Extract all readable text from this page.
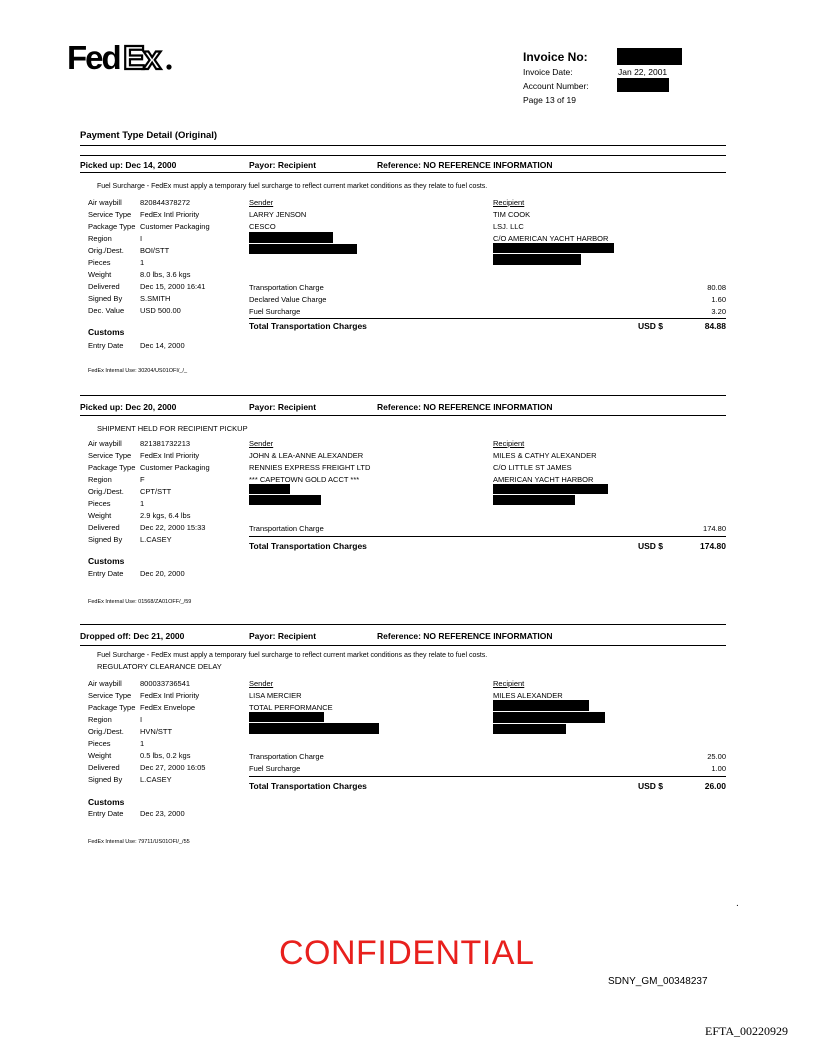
Fed Ex	Invoice No:
Invoice Date:	Jan 22, 2001
Account Number:
Page 13 of 19
Payment Type Detail (Original)
Picked up: Dec 14, 2000	Payor: Recipient	Reference: NO REFERENCE INFORMATION
Fuel Surcharge - FedEx must apply a temporary fuel surcharge to reflect current market conditions as they relate to fuel costs.
Air waybill 820844378272
Service Type FedEx Intl Priority
Package Type Customer Packaging
Region	I
Orig./Dest. BOI/STT
Pieces	1
Weight	8.0 lbs, 3.6 kgs
Delivered	Dec 15, 2000 16:41
Signed By S.SMITH
Dec. Value USD 500.00
Sender
LARRY JENSON
CESCO
Recipient
TIM COOK
LSJ. LLC
C/O AMERICAN YACHT HARBOR
Transportation Charge	80.08
Declared Value Charge	1.60
Fuel Surcharge	3.20
Total Transportation Charges	USD $	84.88
Customs
Entry Date Dec 14, 2000
FedEx Internal Use: 30204/US01OFI/_/_
Picked up: Dec 20, 2000	Payor: Recipient	Reference: NO REFERENCE INFORMATION
SHIPMENT HELD FOR RECIPIENT PICKUP
Air waybill 821381732213
Service Type FedEx Intl Priority
Package Type Customer Packaging
Region	F
Orig./Dest. CPT/STT
Pieces	1
Weight	2.9 kgs, 6.4 lbs
Delivered	Dec 22, 2000 15:33
Signed By L.CASEY
Sender
JOHN & LEA-ANNE ALEXANDER
RENNIES EXPRESS FREIGHT LTD
*** CAPETOWN GOLD ACCT ***
Recipient
MILES & CATHY ALEXANDER
C/O LITTLE ST JAMES
AMERICAN YACHT HARBOR
Transportation Charge	174.80
Total Transportation Charges	USD $	174.80
Customs
Entry Date Dec 20, 2000
FedEx Internal Use: 01568/ZA01OFF/_/59
Dropped off: Dec 21, 2000	Payor: Recipient	Reference: NO REFERENCE INFORMATION
Fuel Surcharge - FedEx must apply a temporary fuel surcharge to reflect current market conditions as they relate to fuel costs.
REGULATORY CLEARANCE DELAY
Air waybill 800033736541
Service Type FedEx Intl Priority
Package Type FedEx Envelope
Region	I
Orig./Dest. HVN/STT
Pieces	1
Weight	0.5 lbs, 0.2 kgs
Delivered	Dec 27, 2000 16:05
Signed By L.CASEY
Sender
LISA MERCIER
TOTAL PERFORMANCE
Recipient
MILES ALEXANDER
Transportation Charge	25.00
Fuel Surcharge	1.00
Total Transportation Charges	USD $	26.00
Customs
Entry Date Dec 23, 2000
FedEx Internal Use: 79711/US01OFI/_/55
.
CONFIDENTIAL
SDNY_GM_00348237
EFTA_00220929
